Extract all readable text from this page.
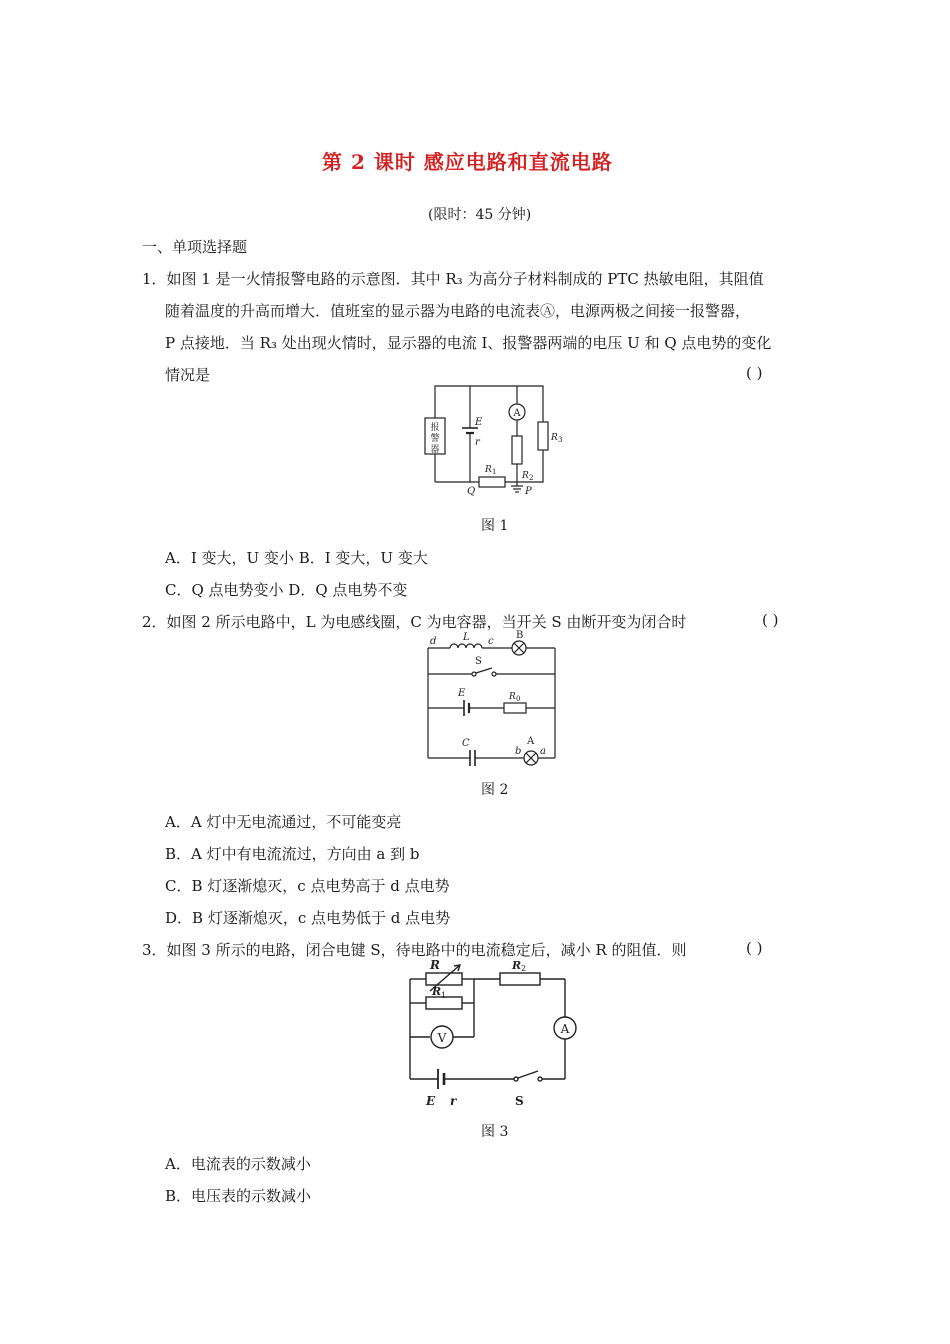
第 2 课时 感应电路和直流电路
(限时：45 分钟)
一、单项选择题
1．如图 1 是一火情报警电路的示意图．其中 R₃ 为高分子材料制成的 PTC 热敏电阻，其阻值
随着温度的升高而增大．值班室的显示器为电路的电流表Ⓐ，电源两极之间接一报警器，
P 点接地．当 R₃ 处出现火情时，显示器的电流 I、报警器两端的电压 U 和 Q 点电势的变化
情况是	( )
报
警
器
E
r
A
R 2
R 3
R 1
Q	P
图 1
A．I 变大，U 变小 B．I 变大，U 变大
C．Q 点电势变小 D．Q 点电势不变
2．如图 2 所示电路中，L 为电感线圈，C 为电容器，当开关 S 由断开变为闭合时	( )
d	L c
B
S
E	R 0
C
b
A
a
图 2
A．A 灯中无电流通过，不可能变亮
B．A 灯中有电流流过，方向由 a 到 b
C．B 灯逐渐熄灭，c 点电势高于 d 点电势
D．B 灯逐渐熄灭，c 点电势低于 d 点电势
3．如图 3 所示的电路，闭合电键 S，待电路中的电流稳定后，减小 R 的阻值．则	( )
R
R 1
V
R 2
A
E r	S
图 3
A．电流表的示数减小
B．电压表的示数减小
